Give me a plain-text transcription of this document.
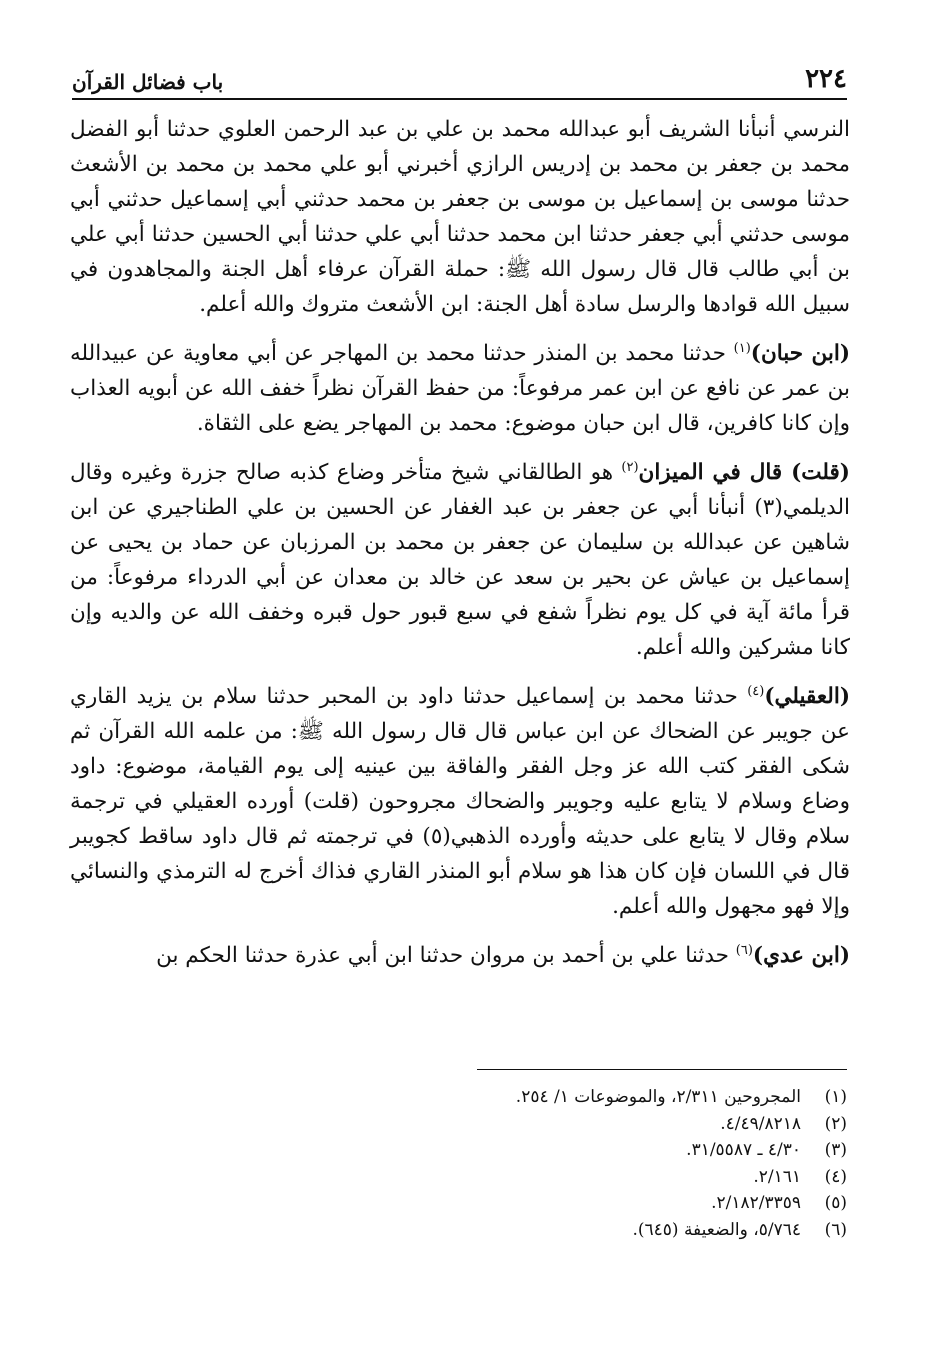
٢٢٤
باب فضائل القرآن

النرسي أنبأنا الشريف أبو عبدالله محمد بن علي بن عبد الرحمن العلوي حدثنا أبو الفضل محمد بن جعفر بن محمد بن إدريس الرازي أخبرني أبو علي محمد بن محمد بن الأشعث حدثنا موسى بن إسماعيل بن موسى بن جعفر بن محمد حدثني أبي إسماعيل حدثني أبي موسى حدثني أبي جعفر حدثنا ابن محمد حدثنا أبي علي حدثنا أبي الحسين حدثنا أبي علي بن أبي طالب قال قال رسول الله ﷺ: حملة القرآن عرفاء أهل الجنة والمجاهدون في سبيل الله قوادها والرسل سادة أهل الجنة: ابن الأشعث متروك والله أعلم.

(ابن حبان)$^{(١)}$ حدثنا محمد بن المنذر حدثنا محمد بن المهاجر عن أبي معاوية عن عبيدالله بن عمر عن نافع عن ابن عمر مرفوعاً: من حفظ القرآن نظراً خفف الله عن أبويه العذاب وإن كانا كافرين، قال ابن حبان موضوع: محمد بن المهاجر يضع على الثقاة.

(قلت) قال في الميزان$^{(٢)}$ هو الطالقاني شيخ متأخر وضاع كذبه صالح جزرة وغيره وقال الديلمي(٣) أنبأنا أبي عن جعفر بن عبد الغفار عن الحسين بن علي الطناجيري عن ابن شاهين عن عبدالله بن سليمان عن جعفر بن محمد بن المرزبان عن حماد بن يحيى عن إسماعيل بن عياش عن بحير بن سعد عن خالد بن معدان عن أبي الدرداء مرفوعاً: من قرأ مائة آية في كل يوم نظراً شفع في سبع قبور حول قبره وخفف الله عن والديه وإن كانا مشركين والله أعلم.

(العقيلي)$^{(٤)}$ حدثنا محمد بن إسماعيل حدثنا داود بن المحبر حدثنا سلام بن يزيد القاري عن جويبر عن الضحاك عن ابن عباس قال قال رسول الله ﷺ: من علمه الله القرآن ثم شكى الفقر كتب الله عز وجل الفقر والفاقة بين عينيه إلى يوم القيامة، موضوع: داود وضاع وسلام لا يتابع عليه وجويبر والضحاك مجروحون (قلت) أورده العقيلي في ترجمة سلام وقال لا يتابع على حديثه وأورده الذهبي(٥) في ترجمته ثم قال داود ساقط كجويبر قال في اللسان فإن كان هذا هو سلام أبو المنذر القاري فذاك أخرج له الترمذي والنسائي وإلا فهو مجهول والله أعلم.

(ابن عدي)$^{(٦)}$ حدثنا علي بن أحمد بن مروان حدثنا ابن أبي عذرة حدثنا الحكم بن

(١)
المجروحين ٢/٣١١، والموضوعات ١/ ٢٥٤.
(٢)
٤/٤٩/٨٢١٨.
(٣)
٤/٣٠ ـ ٣١/٥٥٨٧.
(٤)
٢/١٦١.
(٥)
٢/١٨٢/٣٣٥٩.
(٦)
٥/٧٦٤، والضعيفة (٦٤٥).
